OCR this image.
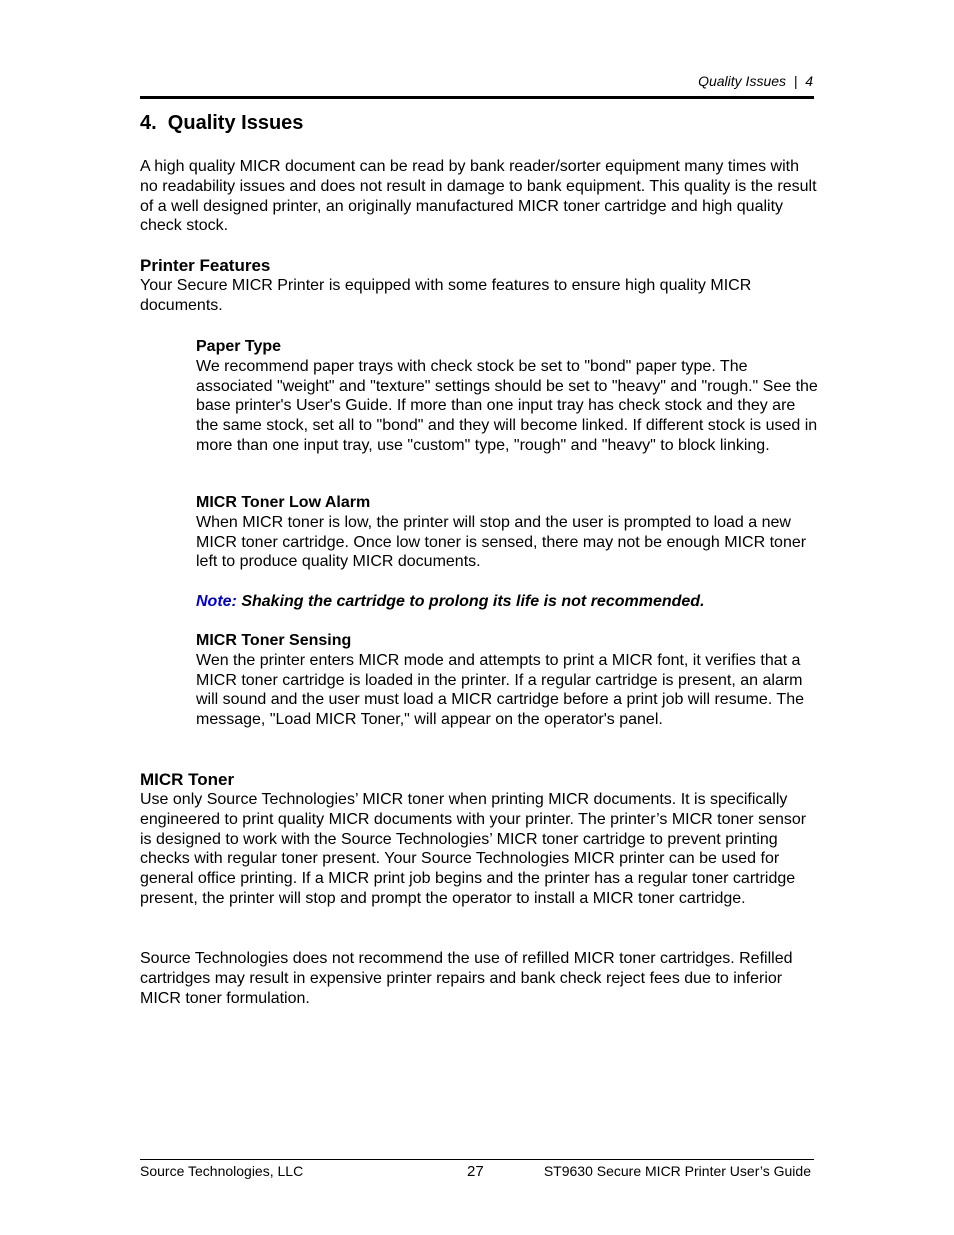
Quality Issues  |  4
4.  Quality Issues

A high quality MICR document can be read by bank reader/sorter equipment many times with no readability issues and does not result in damage to bank equipment. This quality is the result of a well designed printer, an originally manufactured MICR toner cartridge and high quality check stock.

Printer Features

Your Secure MICR Printer is equipped with some features to ensure high quality MICR documents.

Paper Type

We recommend paper trays with check stock be set to "bond" paper type. The associated "weight" and "texture" settings should be set to "heavy" and "rough." See the base printer's User's Guide. If more than one input tray has check stock and they are the same stock, set all to "bond" and they will become linked. If different stock is used in more than one input tray, use "custom" type, "rough" and "heavy" to block linking.

MICR Toner Low Alarm

When MICR toner is low, the printer will stop and the user is prompted to load a new MICR toner cartridge. Once low toner is sensed, there may not be enough MICR toner left to produce quality MICR documents.

Note: Shaking the cartridge to prolong its life is not recommended.

MICR Toner Sensing

Wen the printer enters MICR mode and attempts to print a MICR font, it verifies that a MICR toner cartridge is loaded in the printer. If a regular cartridge is present, an alarm will sound and the user must load a MICR cartridge before a print job will resume. The message, "Load MICR Toner," will appear on the operator's panel.

MICR Toner

Use only Source Technologies’ MICR toner when printing MICR documents. It is specifically engineered to print quality MICR documents with your printer. The printer’s MICR toner sensor is designed to work with the Source Technologies’ MICR toner cartridge to prevent printing checks with regular toner present. Your Source Technologies MICR printer can be used for general office printing. If a MICR print job begins and the printer has a regular toner cartridge present, the printer will stop and prompt the operator to install a MICR toner cartridge.

Source Technologies does not recommend the use of refilled MICR toner cartridges. Refilled cartridges may result in expensive printer repairs and bank check reject fees due to inferior MICR toner formulation.

Source Technologies, LLC	27	ST9630 Secure MICR Printer User’s Guide
